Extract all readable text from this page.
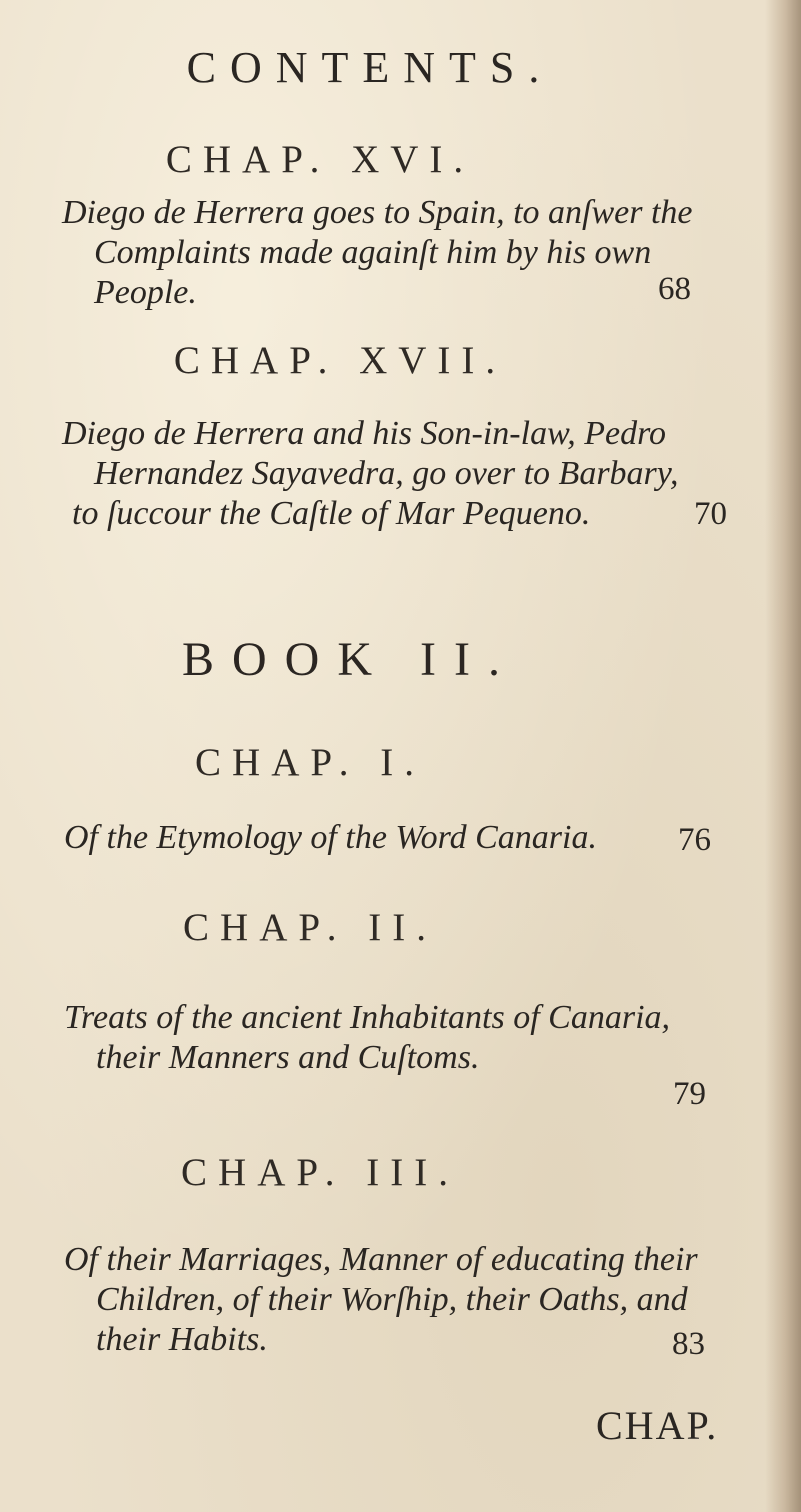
CONTENTS.
CHAP. XVI.
Diego de Herrera goes to Spain, to anſwer the
Complaints made againſt him by his own
People.	68
CHAP. XVII.
Diego de Herrera and his Son-in-law, Pedro
Hernandez Sayavedra, go over to Barbary,
to ſuccour the Caſtle of Mar Pequeno.	70
BOOK II.
CHAP. I.
Of the Etymology of the Word Canaria. 76
CHAP. II.
Treats of the ancient Inhabitants of Canaria,
their Manners and Cuſtoms.
79
CHAP. III.
Of their Marriages, Manner of educating their
Children, of their Worſhip, their Oaths, and
their Habits.	83
CHAP.
